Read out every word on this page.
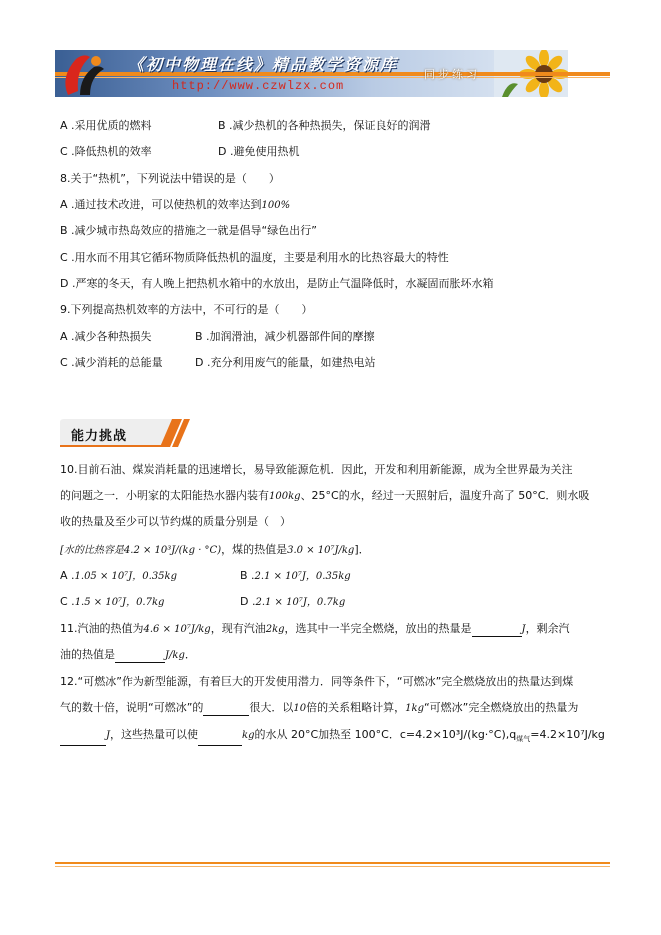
《初中物理在线》精品教学资源库
http://www.czwlzx.com
同步练习
A .采用优质的燃料	B .减少热机的各种热损失，保证良好的润滑
C .降低热机的效率	D .避免使用热机
8.关于“热机”，下列说法中错误的是（　　）
A .通过技术改进，可以使热机的效率达到100%
B .减少城市热岛效应的措施之一就是倡导“绿色出行”
C .用水而不用其它循环物质降低热机的温度，主要是利用水的比热容最大的特性
D .严寒的冬天，有人晚上把热机水箱中的水放出，是防止气温降低时，水凝固而胀坏水箱
9.下列提高热机效率的方法中，不可行的是（　　）
A .减少各种热损失	B .加润滑油，减少机器部件间的摩擦
C .减少消耗的总能量	D .充分利用废气的能量，如建热电站
能力挑战
10.目前石油、煤炭消耗量的迅速增长，易导致能源危机．因此，开发和利用新能源，成为全世界最为关注
的问题之一．小明家的太阳能热水器内装有100kg、25°C的水，经过一天照射后，温度升高了 50°C．则水吸
收的热量及至少可以节约煤的质量分别是（　）
[水的比热容是4.2 × 10³J/(kg · °C)，煤的热值是3.0 × 10⁷J/kg]．
A .1.05 × 10⁷J，0.35kg	B .2.1 × 10⁷J，0.35kg
C .1.5 × 10⁷J，0.7kg	D .2.1 × 10⁷J，0.7kg
11.汽油的热值为4.6 × 10⁷J/kg，现有汽油2kg，选其中一半完全燃烧，放出的热量是	J，剩余汽
油的热值是	J/kg．
12.“可燃冰”作为新型能源，有着巨大的开发使用潜力．同等条件下，“可燃冰”完全燃烧放出的热量达到煤
气的数十倍，说明“可燃冰”的	很大．以10倍的关系粗略计算，1kg“可燃冰”完全燃烧放出的热量为
J，这些热量可以使	kg的水从 20°C加热至 100°C．$c=4.2\times 10^3J/(kg\cdot^\circ C),q_{煤气}=4.2\times 10^7J/kg$
